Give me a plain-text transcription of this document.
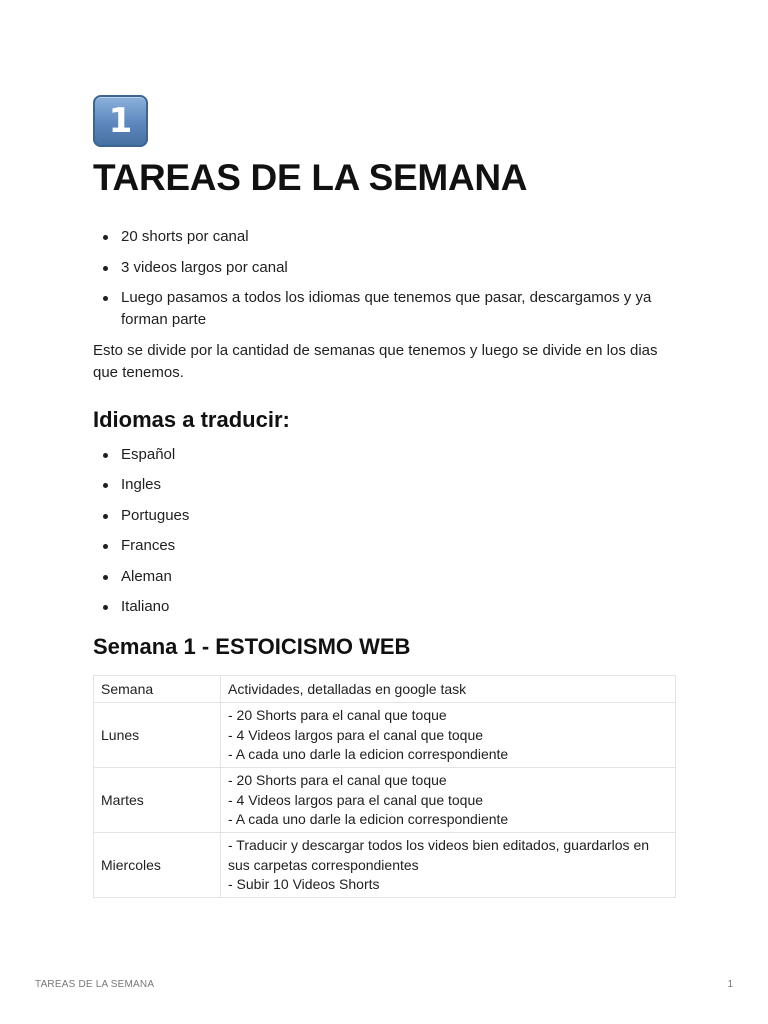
1
TAREAS DE LA SEMANA
20 shorts por canal
3 videos largos por canal
Luego pasamos a todos los idiomas que tenemos que pasar, descargamos y ya forman parte

Esto se divide por la cantidad de semanas que tenemos y luego se divide en los dias que tenemos.

Idiomas a traducir:
Español
Ingles
Portugues
Frances
Aleman
Italiano
Semana 1 - ESTOICISMO WEB
Semana	Actividades, detalladas en google task
Lunes	- 20 Shorts para el canal que toque
- 4 Videos largos para el canal que toque
- A cada uno darle la edicion correspondiente

Martes	- 20 Shorts para el canal que toque
- 4 Videos largos para el canal que toque
- A cada uno darle la edicion correspondiente

Miercoles	- Traducir y descargar todos los videos bien editados, guardarlos en sus carpetas correspondientes
- Subir 10 Videos Shorts
TAREAS DE LA SEMANA	1
